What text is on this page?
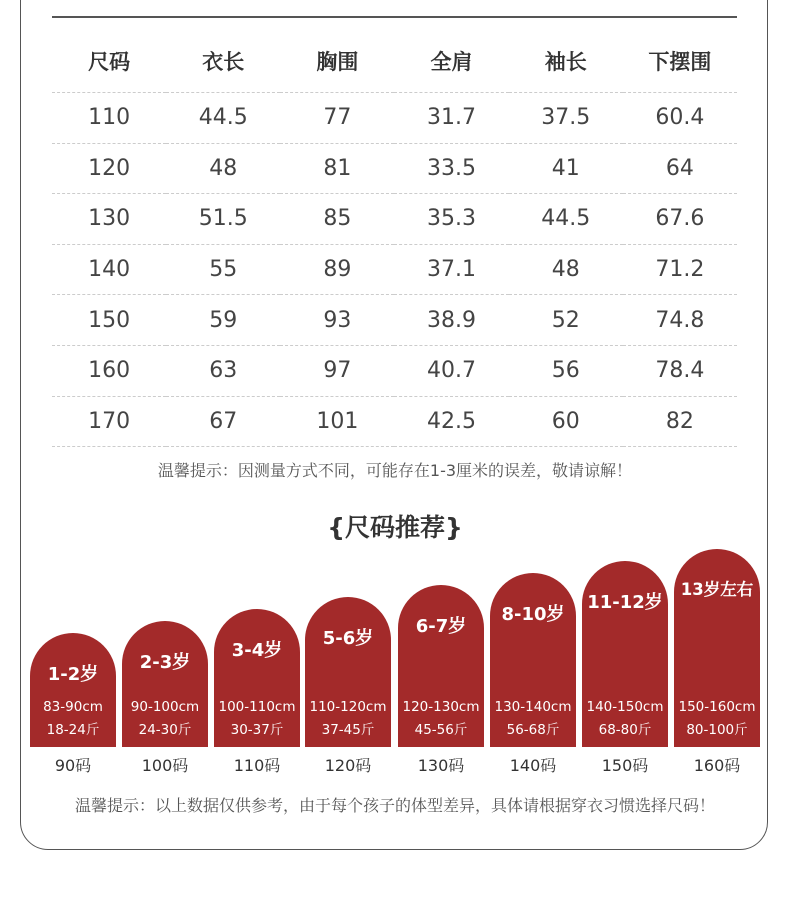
尺码	衣长	胸围	全肩	袖长	下摆围
110	44.5	77	31.7	37.5	60.4
120	48	81	33.5	41	64
130	51.5	85	35.3	44.5	67.6
140	55	89	37.1	48	71.2
150	59	93	38.9	52	74.8
160	63	97	40.7	56	78.4
170	67	101	42.5	60	82
温馨提示：因测量方式不同，可能存在1-3厘米的误差，敬请谅解！
{尺码推荐}
1-2岁
83-90cm
18-24斤
90码
2-3岁
90-100cm
24-30斤
100码
3-4岁
100-110cm
30-37斤
110码
5-6岁
110-120cm
37-45斤
120码
6-7岁
120-130cm
45-56斤
130码
8-10岁
130-140cm
56-68斤
140码
11-12岁
140-150cm
68-80斤
150码
13岁左右
150-160cm
80-100斤
160码
温馨提示：以上数据仅供参考，由于每个孩子的体型差异，具体请根据穿衣习惯选择尺码！
